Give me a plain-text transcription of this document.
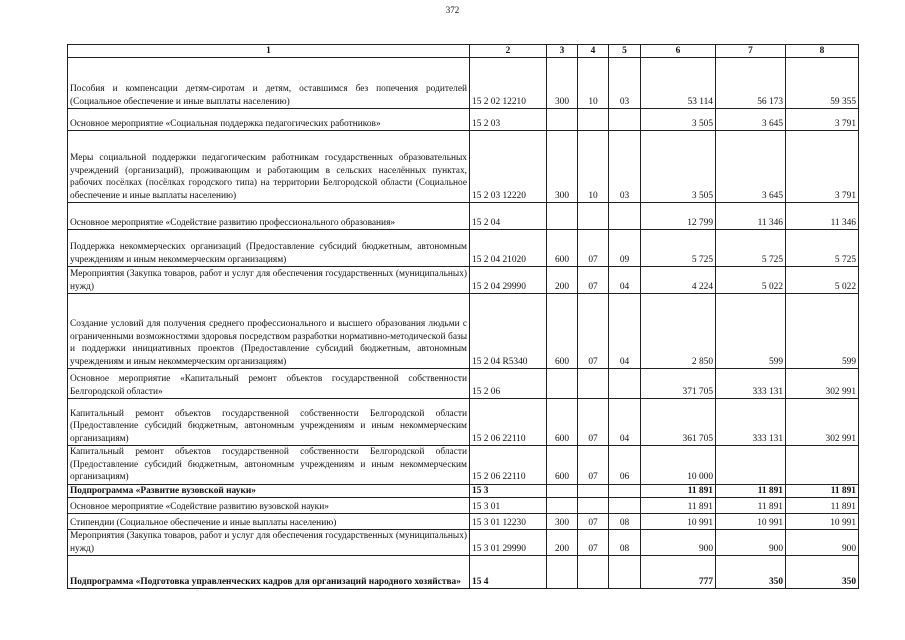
372
1	2	3	4	5	6	7	8
Пособия и компенсации детям-сиротам и детям, оставшимся без попечения родителей (Социальное обеспечение и иные выплаты населению)	15 2 02 12210	300	10	03	53 114	56 173	59 355
Основное мероприятие «Социальная поддержка педагогических работников»	15 2 03				3 505	3 645	3 791
Меры социальной поддержки педагогическим работникам государственных образовательных учреждений (организаций), проживающим и работающим в сельских населённых пунктах, рабочих посёлках (посёлках городского типа) на территории Белгородской области (Социальное обеспечение и иные выплаты населению)	15 2 03 12220	300	10	03	3 505	3 645	3 791
Основное мероприятие «Содействие развитию профессионального образования»	15 2 04				12 799	11 346	11 346
Поддержка некоммерческих организаций (Предоставление субсидий бюджетным, автономным учреждениям и иным некоммерческим организациям)	15 2 04 21020	600	07	09	5 725	5 725	5 725
Мероприятия (Закупка товаров, работ и услуг для обеспечения государственных (муниципальных) нужд)	15 2 04 29990	200	07	04	4 224	5 022	5 022
Создание условий для получения среднего профессионального и высшего образования людьми с ограниченными возможностями здоровья посредством разработки нормативно-методической базы и поддержки инициативных проектов (Предоставление субсидий бюджетным, автономным учреждениям и иным некоммерческим организациям)	15 2 04 R5340	600	07	04	2 850	599	599
Основное мероприятие «Капитальный ремонт объектов государственной собственности Белгородской области»	15 2 06				371 705	333 131	302 991
Капитальный ремонт объектов государственной собственности Белгородской области (Предоставление субсидий бюджетным, автономным учреждениям и иным некоммерческим организациям)	15 2 06 22110	600	07	04	361 705	333 131	302 991
Капитальный ремонт объектов государственной собственности Белгородской области (Предоставление субсидий бюджетным, автономным учреждениям и иным некоммерческим организациям)	15 2 06 22110	600	07	06	10 000		
Подпрограмма «Развитие вузовской науки»	15 3				11 891	11 891	11 891
Основное мероприятие «Содействие развитию вузовской науки»	15 3 01				11 891	11 891	11 891
Стипендии (Социальное обеспечение и иные выплаты населению)	15 3 01 12230	300	07	08	10 991	10 991	10 991
Мероприятия (Закупка товаров, работ и услуг для обеспечения государственных (муниципальных) нужд)	15 3 01 29990	200	07	08	900	900	900
Подпрограмма «Подготовка управленческих кадров для организаций народного хозяйства»	15 4				777	350	350
